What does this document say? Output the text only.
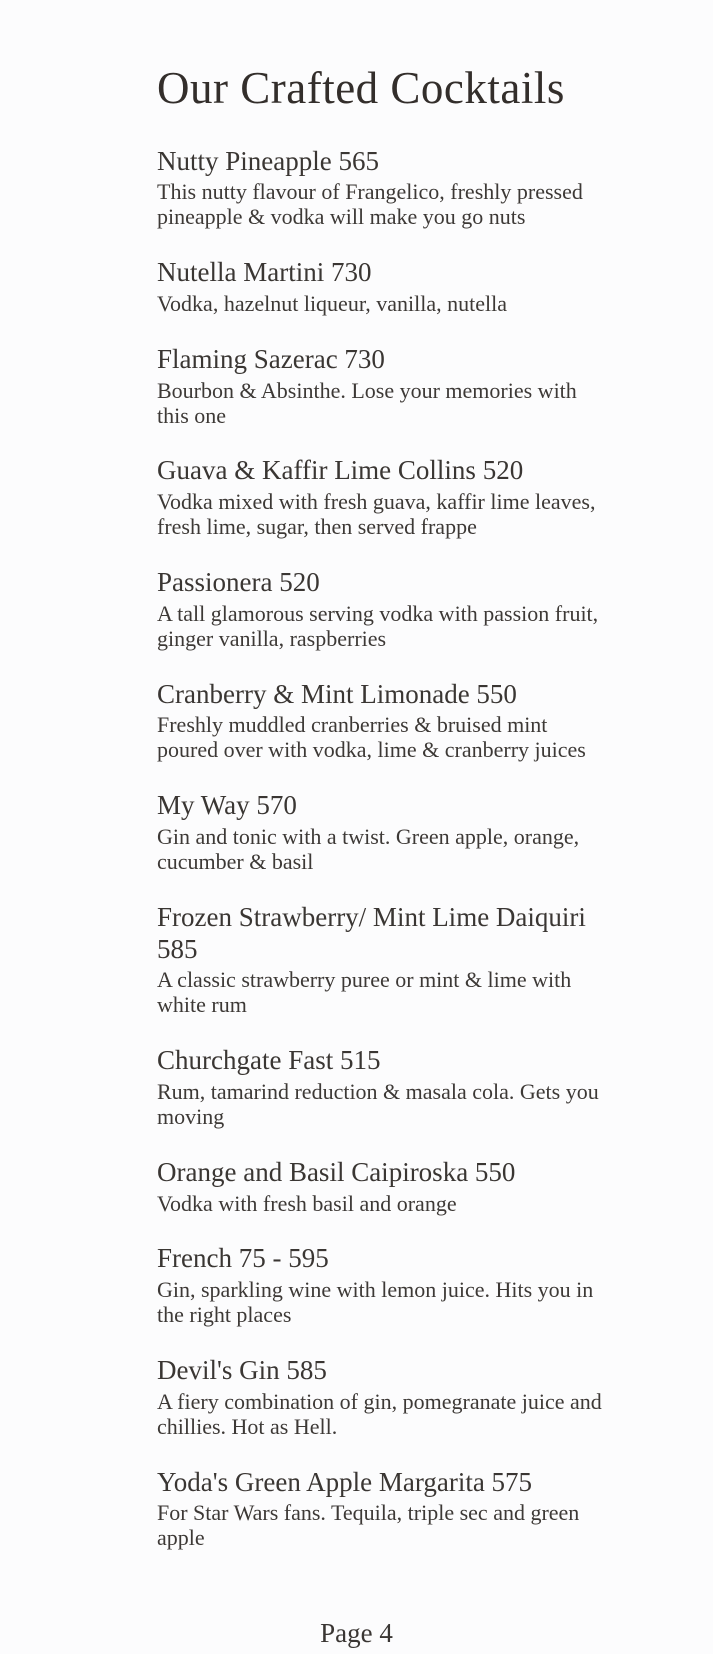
Our Crafted Cocktails
Nutty Pineapple 565

This nutty flavour of Frangelico, freshly pressed pineapple & vodka will make you go nuts

Nutella Martini 730

Vodka, hazelnut liqueur, vanilla, nutella

Flaming Sazerac 730

Bourbon & Absinthe. Lose your memories with this one

Guava & Kaffir Lime Collins 520

Vodka mixed with fresh guava, kaffir lime leaves, fresh lime, sugar, then served frappe

Passionera 520

A tall glamorous serving vodka with passion fruit, ginger vanilla, raspberries

Cranberry & Mint Limonade 550

Freshly muddled cranberries & bruised mint poured over with vodka, lime & cranberry juices

My Way 570

Gin and tonic with a twist. Green apple, orange, cucumber & basil

Frozen Strawberry/ Mint Lime Daiquiri 585

A classic strawberry puree or mint & lime with white rum

Churchgate Fast 515

Rum, tamarind reduction & masala cola. Gets you moving

Orange and Basil Caipiroska 550

Vodka with fresh basil and orange

French 75 - 595

Gin, sparkling wine with lemon juice. Hits you in the right places

Devil's Gin 585

A fiery combination of gin, pomegranate juice and chillies. Hot as Hell.

Yoda's Green Apple Margarita 575

For Star Wars fans. Tequila, triple sec and green apple

Page 4
